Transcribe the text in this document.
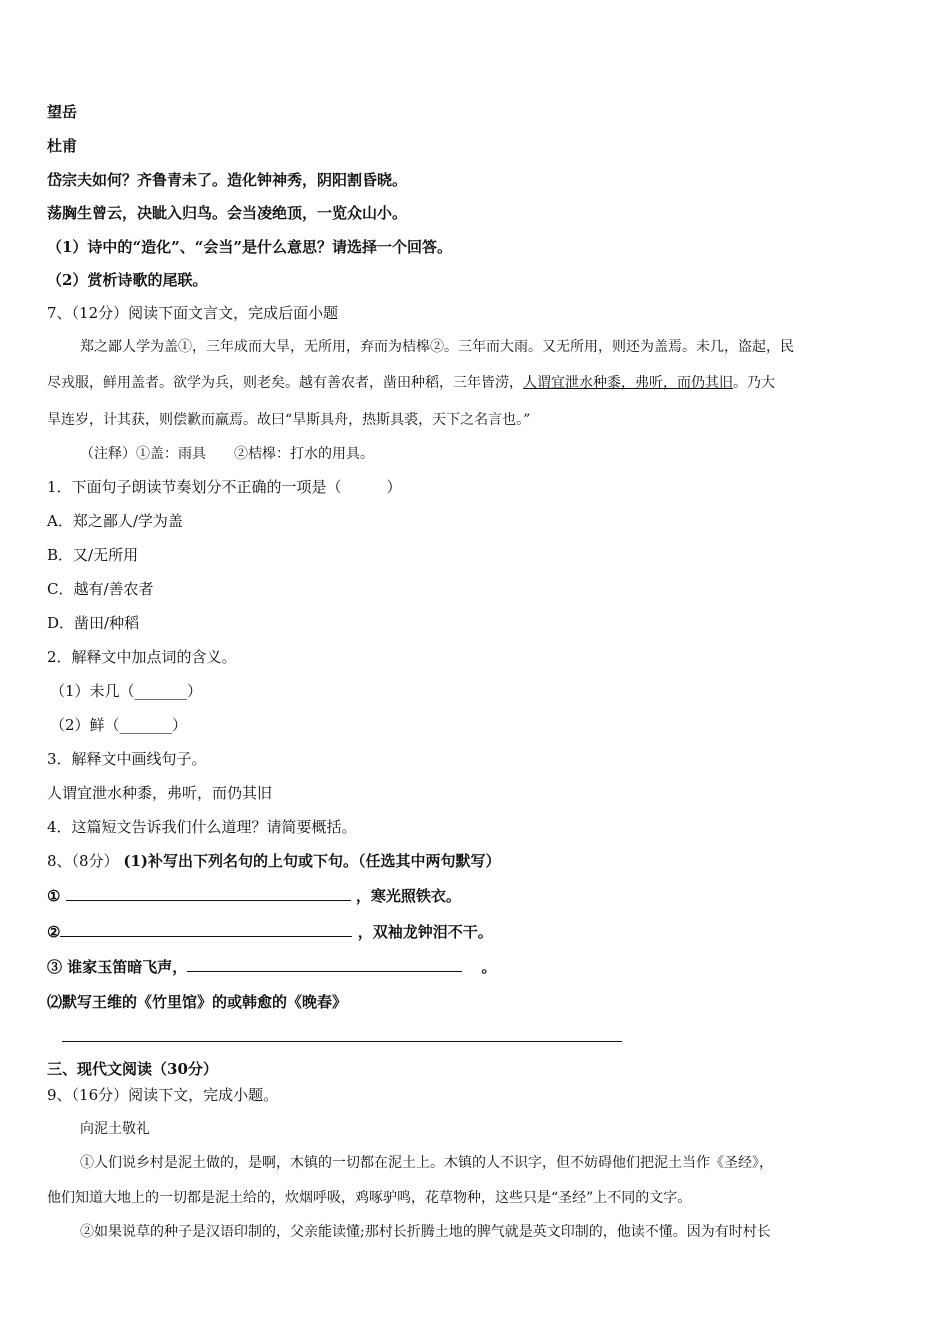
望岳
杜甫
岱宗夫如何？齐鲁青未了。造化钟神秀，阴阳割昏晓。
荡胸生曾云，决眦入归鸟。会当凌绝顶，一览众山小。
（1）诗中的“造化”、“会当”是什么意思？请选择一个回答。
（2）赏析诗歌的尾联。
7、（12分）阅读下面文言文，完成后面小题
郑之鄙人学为盖①，三年成而大旱，无所用，弃而为桔槔②。三年而大雨。又无所用，则还为盖焉。未几，盗起，民
尽戎服，鲜用盖者。欲学为兵，则老矣。越有善农者，凿田种稻，三年皆涝，人谓宜泄水种黍，弗听，而仍其旧。乃大
旱连岁，计其获，则偿歉而羸焉。故曰“旱斯具舟，热斯具裘，天下之名言也。”
（注释）①盖：雨具　　②桔槔：打水的用具。
1．下面句子朗读节奏划分不正确的一项是（　　　）
A．郑之鄙人/学为盖
B．又/无所用
C．越有/善农者
D．凿田/种稻
2．解释文中加点词的含义。
（1）未几（_______）
（2）鲜（_______）
3．解释文中画线句子。
人谓宜泄水种黍，弗听，而仍其旧
4．这篇短文告诉我们什么道理？请简要概括。
8、（8分） (1)补写出下列名句的上句或下句。（任选其中两句默写）
①	，寒光照铁衣。
②	，双袖龙钟泪不干。
③ 谁家玉笛暗飞声，	。
⑵默写王维的《竹里馆》的或韩愈的《晚春》
三、现代文阅读（30分）
9、（16分）阅读下文，完成小题。
向泥土敬礼
①人们说乡村是泥土做的，是啊，木镇的一切都在泥土上。木镇的人不识字，但不妨碍他们把泥土当作《圣经》，
他们知道大地上的一切都是泥土给的，炊烟呼吸，鸡啄驴鸣，花草物种，这些只是“圣经”上不同的文字。
②如果说草的种子是汉语印制的，父亲能读懂;那村长折腾土地的脾气就是英文印制的，他读不懂。因为有时村长
